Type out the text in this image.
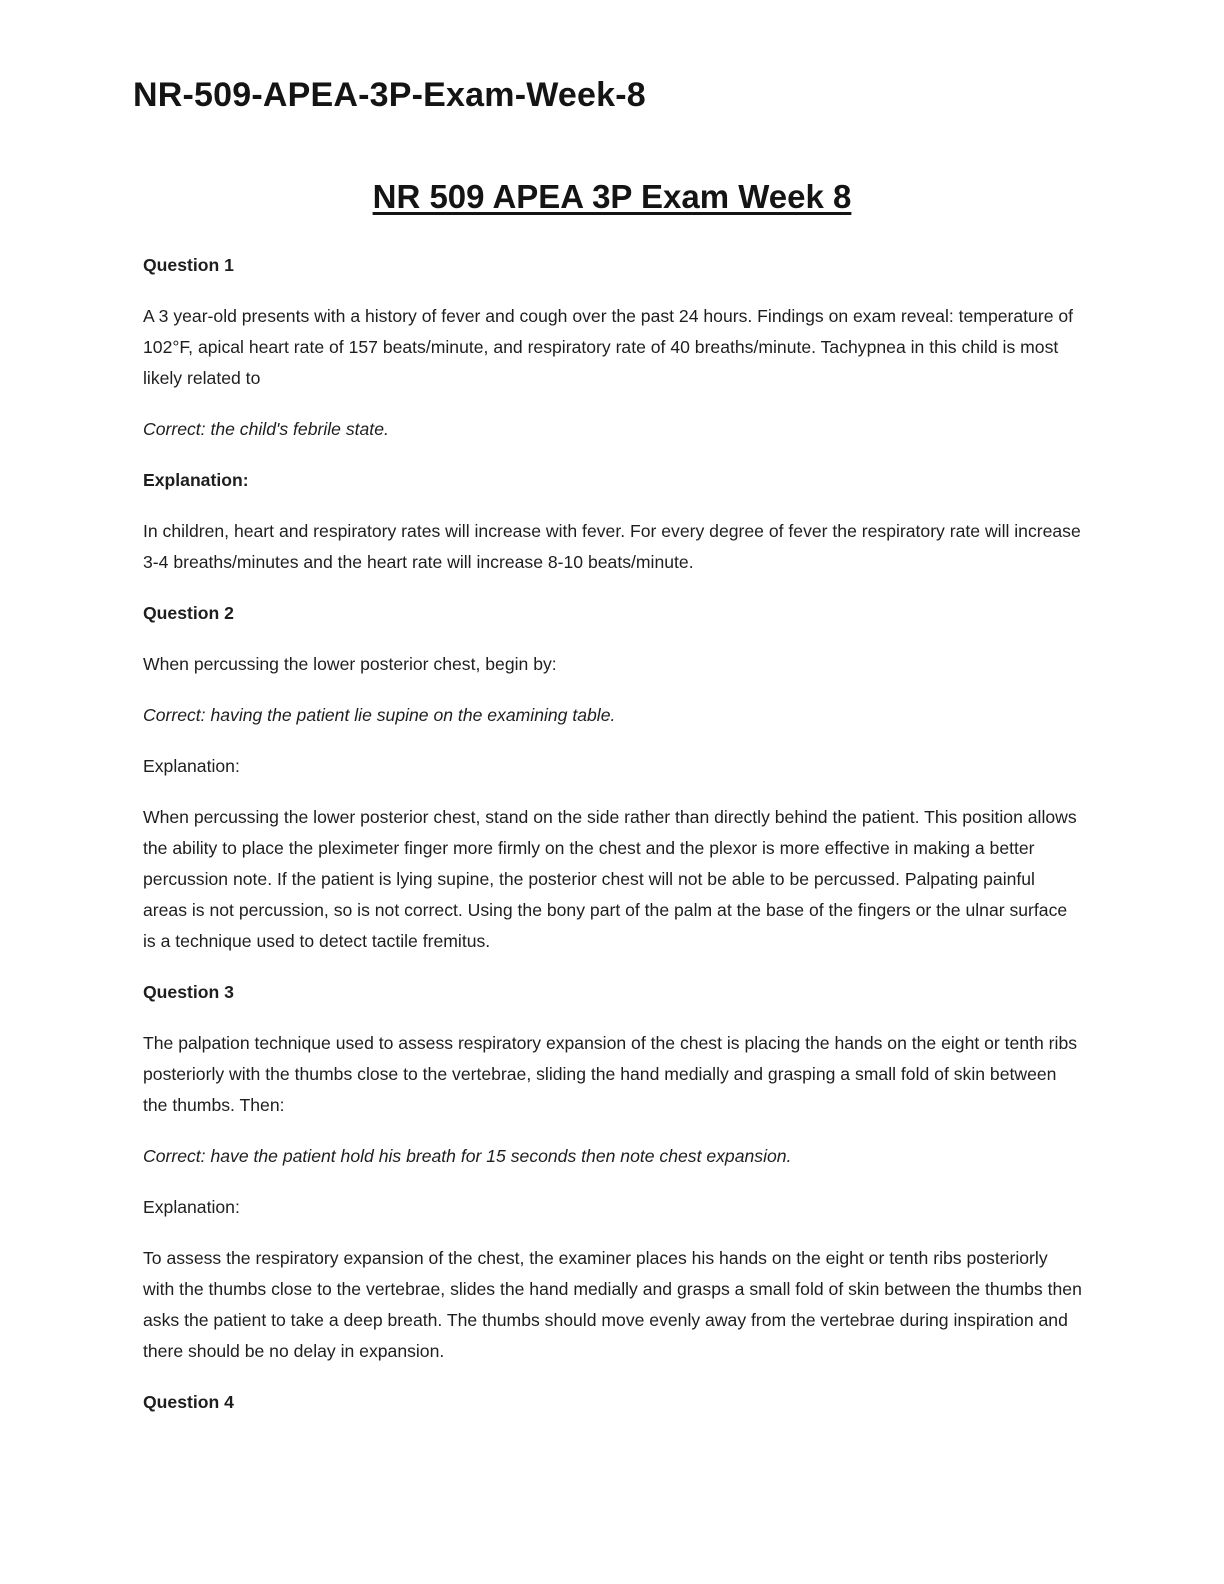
NR-509-APEA-3P-Exam-Week-8
NR 509 APEA 3P Exam Week 8

Question 1

A 3 year-old presents with a history of fever and cough over the past 24 hours. Findings on exam reveal: temperature of 102°F, apical heart rate of 157 beats/minute, and respiratory rate of 40 breaths/minute. Tachypnea in this child is most likely related to

Correct: the child's febrile state.

Explanation:

In children, heart and respiratory rates will increase with fever. For every degree of fever the respiratory rate will increase 3-4 breaths/minutes and the heart rate will increase 8-10 beats/minute.

Question 2

When percussing the lower posterior chest, begin by:

Correct: having the patient lie supine on the examining table.

Explanation:

When percussing the lower posterior chest, stand on the side rather than directly behind the patient. This position allows the ability to place the pleximeter finger more firmly on the chest and the plexor is more effective in making a better percussion note. If the patient is lying supine, the posterior chest will not be able to be percussed. Palpating painful areas is not percussion, so is not correct. Using the bony part of the palm at the base of the fingers or the ulnar surface is a technique used to detect tactile fremitus.

Question 3

The palpation technique used to assess respiratory expansion of the chest is placing the hands on the eight or tenth ribs posteriorly with the thumbs close to the vertebrae, sliding the hand medially and grasping a small fold of skin between the thumbs. Then:

Correct: have the patient hold his breath for 15 seconds then note chest expansion.

Explanation:

To assess the respiratory expansion of the chest, the examiner places his hands on the eight or tenth ribs posteriorly with the thumbs close to the vertebrae, slides the hand medially and grasps a small fold of skin between the thumbs then asks the patient to take a deep breath. The thumbs should move evenly away from the vertebrae during inspiration and there should be no delay in expansion.

Question 4
